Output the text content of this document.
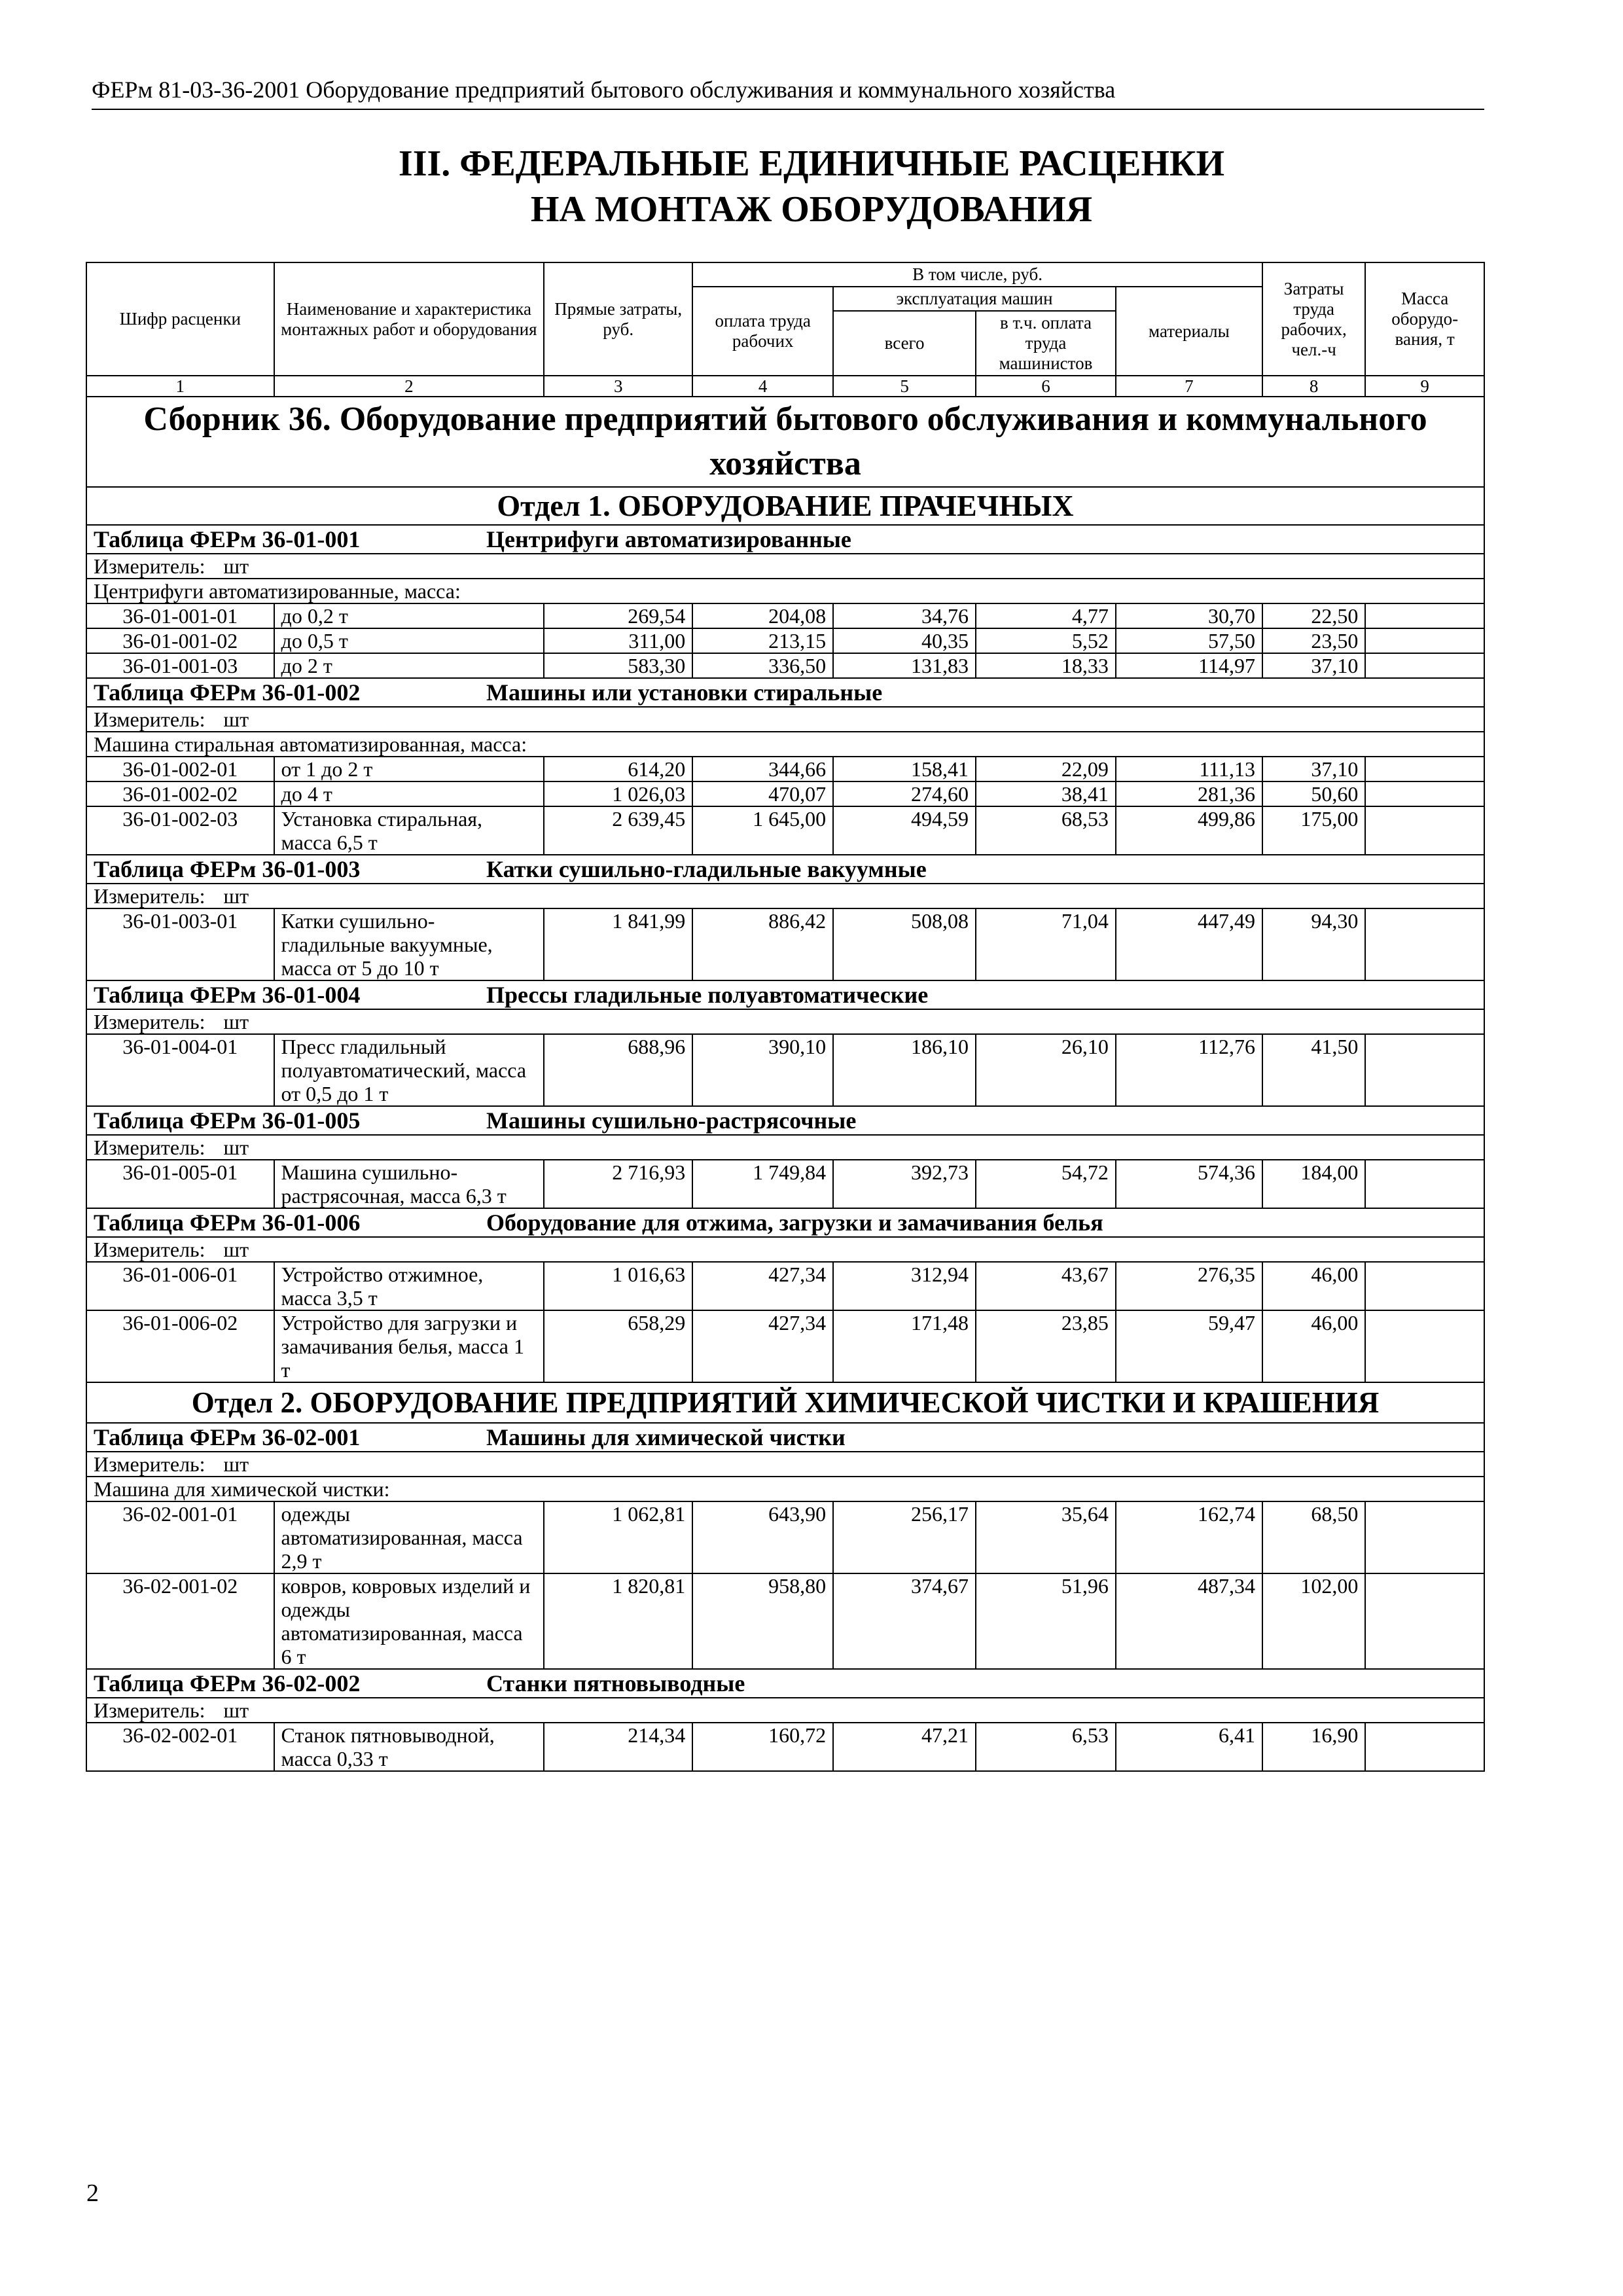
ФЕРм 81-03-36-2001 Оборудование предприятий бытового обслуживания и коммунального хозяйства
III. ФЕДЕРАЛЬНЫЕ ЕДИНИЧНЫЕ РАСЦЕНКИ
НА МОНТАЖ ОБОРУДОВАНИЯ
Шифр расценки	Наименование и характеристика монтажных работ и оборудования	Прямые затраты, руб.	В том числе, руб.				Затраты труда рабочих, чел.-ч	Масса оборудо-вания, т
			оплата труда рабочих	эксплуатация машин		материалы		
				всего	в т.ч. оплата труда машинистов			
1	2	3	4	5	6	7	8	9
Сборник 36. Оборудование предприятий бытового обслуживания и коммунального хозяйства								
Отдел 1. ОБОРУДОВАНИЕ ПРАЧЕЧНЫХ								
Таблица ФЕРм 36-01-001 Центрифуги автоматизированные								
Измеритель: шт								
Центрифуги автоматизированные, масса:								
36-01-001-01	до 0,2 т	269,54	204,08	34,76	4,77	30,70	22,50	
36-01-001-02	до 0,5 т	311,00	213,15	40,35	5,52	57,50	23,50	
36-01-001-03	до 2 т	583,30	336,50	131,83	18,33	114,97	37,10	
Таблица ФЕРм 36-01-002 Машины или установки стиральные								
Измеритель: шт								
Машина стиральная автоматизированная, масса:								
36-01-002-01	от 1 до 2 т	614,20	344,66	158,41	22,09	111,13	37,10	
36-01-002-02	до 4 т	1 026,03	470,07	274,60	38,41	281,36	50,60	
36-01-002-03	Установка стиральная, масса 6,5 т	2 639,45	1 645,00	494,59	68,53	499,86	175,00	
Таблица ФЕРм 36-01-003 Катки сушильно-гладильные вакуумные								
Измеритель: шт								
36-01-003-01	Катки сушильно-гладильные вакуумные, масса от 5 до 10 т	1 841,99	886,42	508,08	71,04	447,49	94,30	
Таблица ФЕРм 36-01-004 Прессы гладильные полуавтоматические								
Измеритель: шт								
36-01-004-01	Пресс гладильный полуавтоматический, масса от 0,5 до 1 т	688,96	390,10	186,10	26,10	112,76	41,50	
Таблица ФЕРм 36-01-005 Машины сушильно-растрясочные								
Измеритель: шт								
36-01-005-01	Машина сушильно-растрясочная, масса 6,3 т	2 716,93	1 749,84	392,73	54,72	574,36	184,00	
Таблица ФЕРм 36-01-006 Оборудование для отжима, загрузки и замачивания белья								
Измеритель: шт								
36-01-006-01	Устройство отжимное, масса 3,5 т	1 016,63	427,34	312,94	43,67	276,35	46,00	
36-01-006-02	Устройство для загрузки и замачивания белья, масса 1 т	658,29	427,34	171,48	23,85	59,47	46,00	
Отдел 2. ОБОРУДОВАНИЕ ПРЕДПРИЯТИЙ ХИМИЧЕСКОЙ ЧИСТКИ И КРАШЕНИЯ								
Таблица ФЕРм 36-02-001 Машины для химической чистки								
Измеритель: шт								
Машина для химической чистки:								
36-02-001-01	одежды автоматизированная, масса 2,9 т	1 062,81	643,90	256,17	35,64	162,74	68,50	
36-02-001-02	ковров, ковровых изделий и одежды автоматизированная, масса 6 т	1 820,81	958,80	374,67	51,96	487,34	102,00	
Таблица ФЕРм 36-02-002 Станки пятновыводные								
Измеритель: шт								
36-02-002-01	Станок пятновыводной, масса 0,33 т	214,34	160,72	47,21	6,53	6,41	16,90	
2
